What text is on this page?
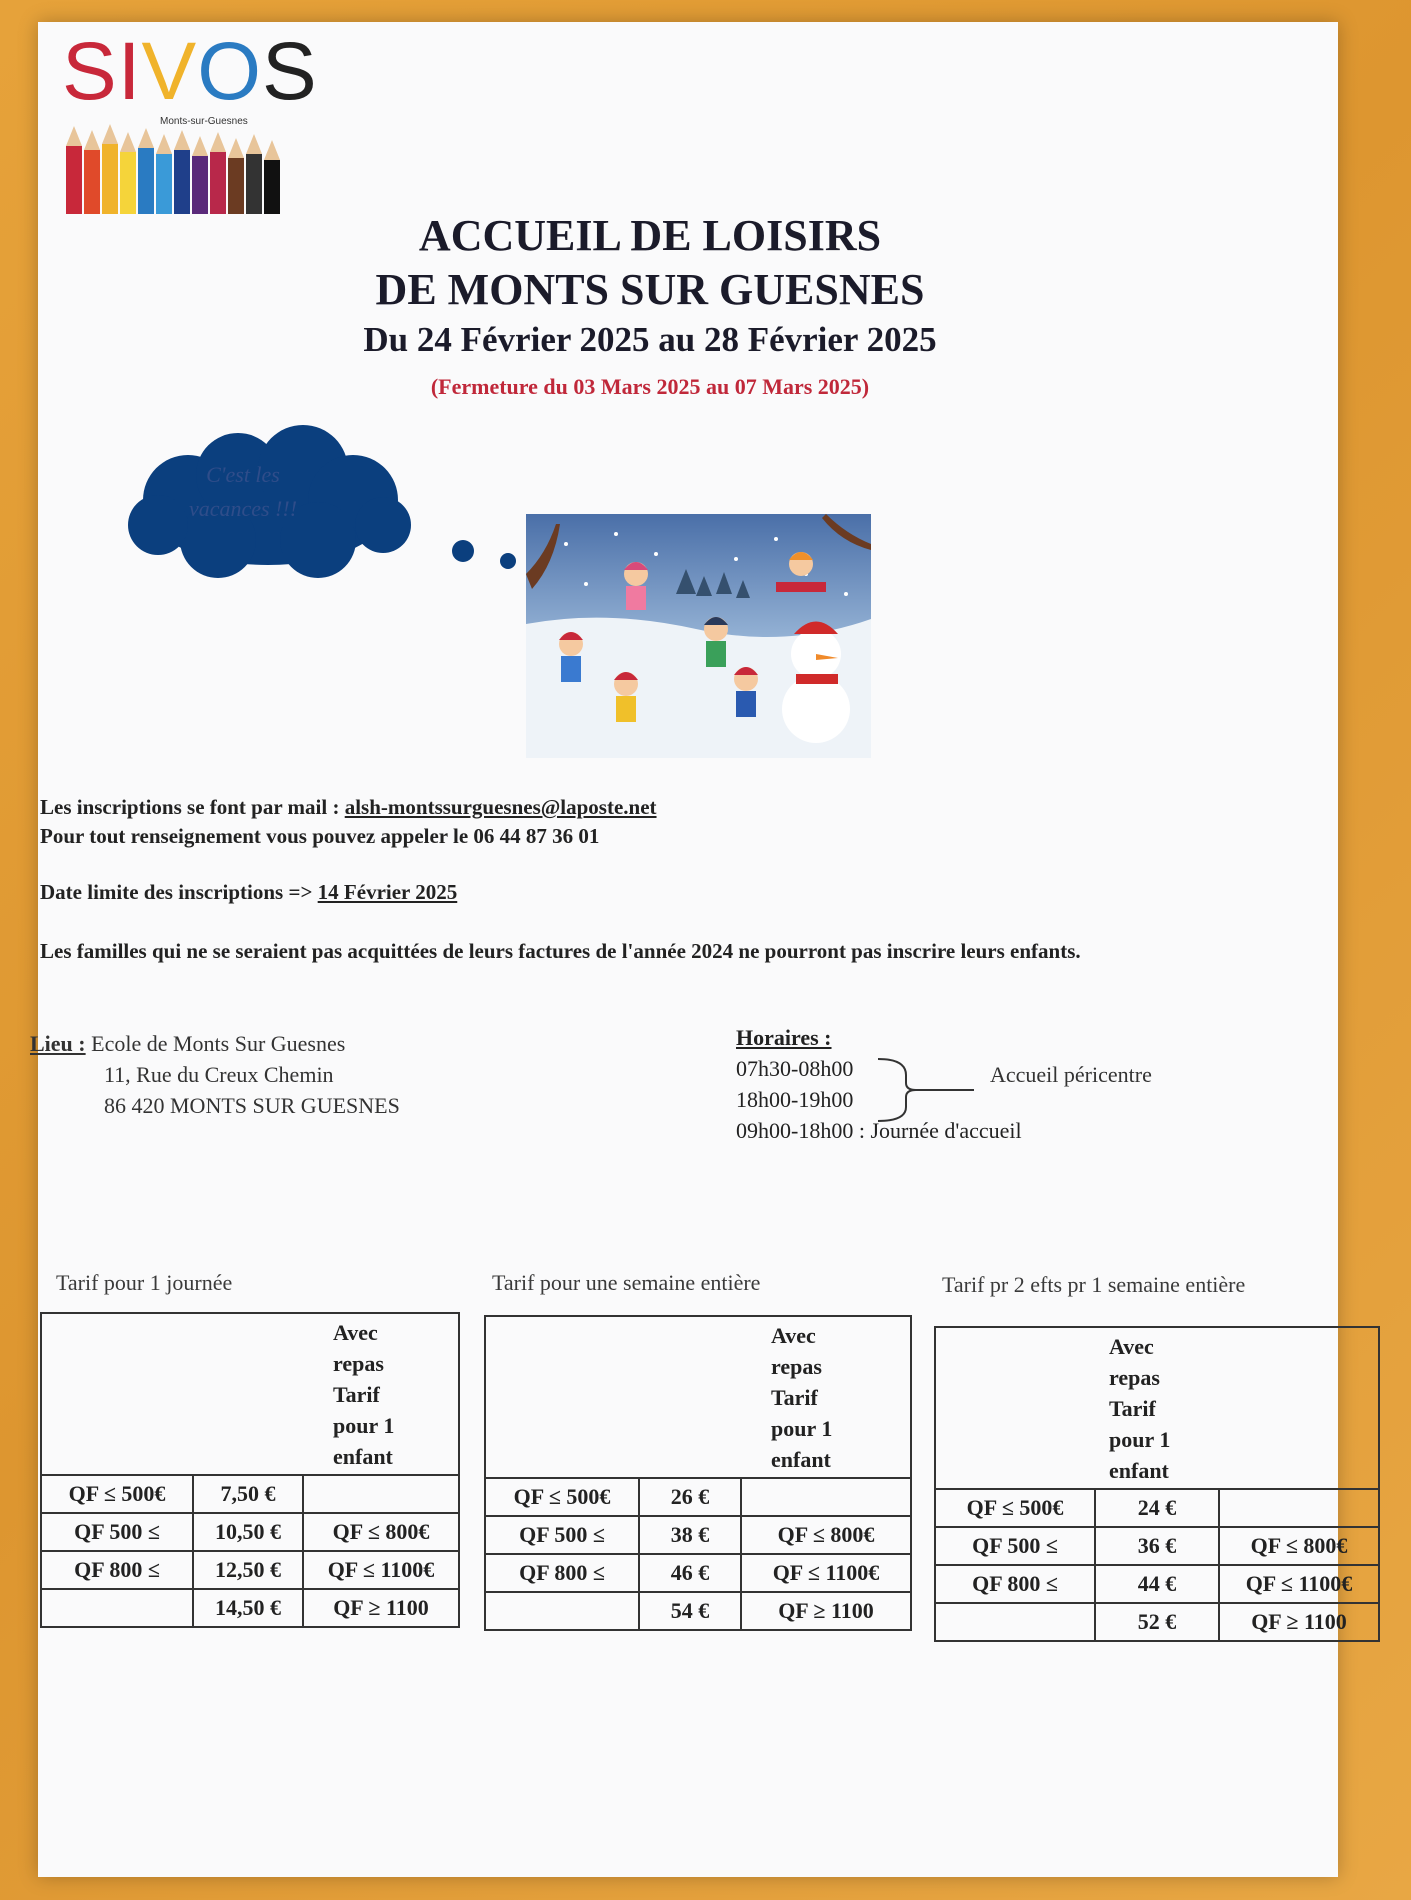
SIVOS
Monts-sur-Guesnes
ACCUEIL DE LOISIRS
DE MONTS SUR GUESNES
Du 24 Février 2025 au 28 Février 2025
(Fermeture du 03 Mars 2025 au 07 Mars 2025)
C'est les
vacances !!!
Les inscriptions se font par mail : alsh-montssurguesnes@laposte.net
Pour tout renseignement vous pouvez appeler le 06 44 87 36 01
Date limite des inscriptions => 14 Février 2025
Les familles qui ne se seraient pas acquittées de leurs factures de l'année 2024 ne pourront pas inscrire leurs enfants.
Lieu : Ecole de Monts Sur Guesnes
11, Rue du Creux Chemin
86 420 MONTS SUR GUESNES
Horaires :
07h30-08h00
18h00-19h00
09h00-18h00 : Journée d'accueil
Accueil péricentre
Tarif pour 1 journée

	Avec
repas
Tarif
pour 1
enfant	

QF ≤ 500€	7,50 €	
QF 500 ≤	10,50 €	QF ≤ 800€
QF 800 ≤	12,50 €	QF ≤ 1100€
	14,50 €	QF ≥ 1100
Tarif pour une semaine entière

	Avec
repas
Tarif
pour 1
enfant	

QF ≤ 500€	26 €	
QF 500 ≤	38 €	QF ≤ 800€
QF 800 ≤	46 €	QF ≤ 1100€
	54 €	QF ≥ 1100
Tarif pr 2 efts pr 1 semaine entière

	Avec
repas
Tarif
pour 1
enfant	

QF ≤ 500€	24 €	
QF 500 ≤	36 €	QF ≤ 800€
QF 800 ≤	44 €	QF ≤ 1100€
	52 €	QF ≥ 1100
